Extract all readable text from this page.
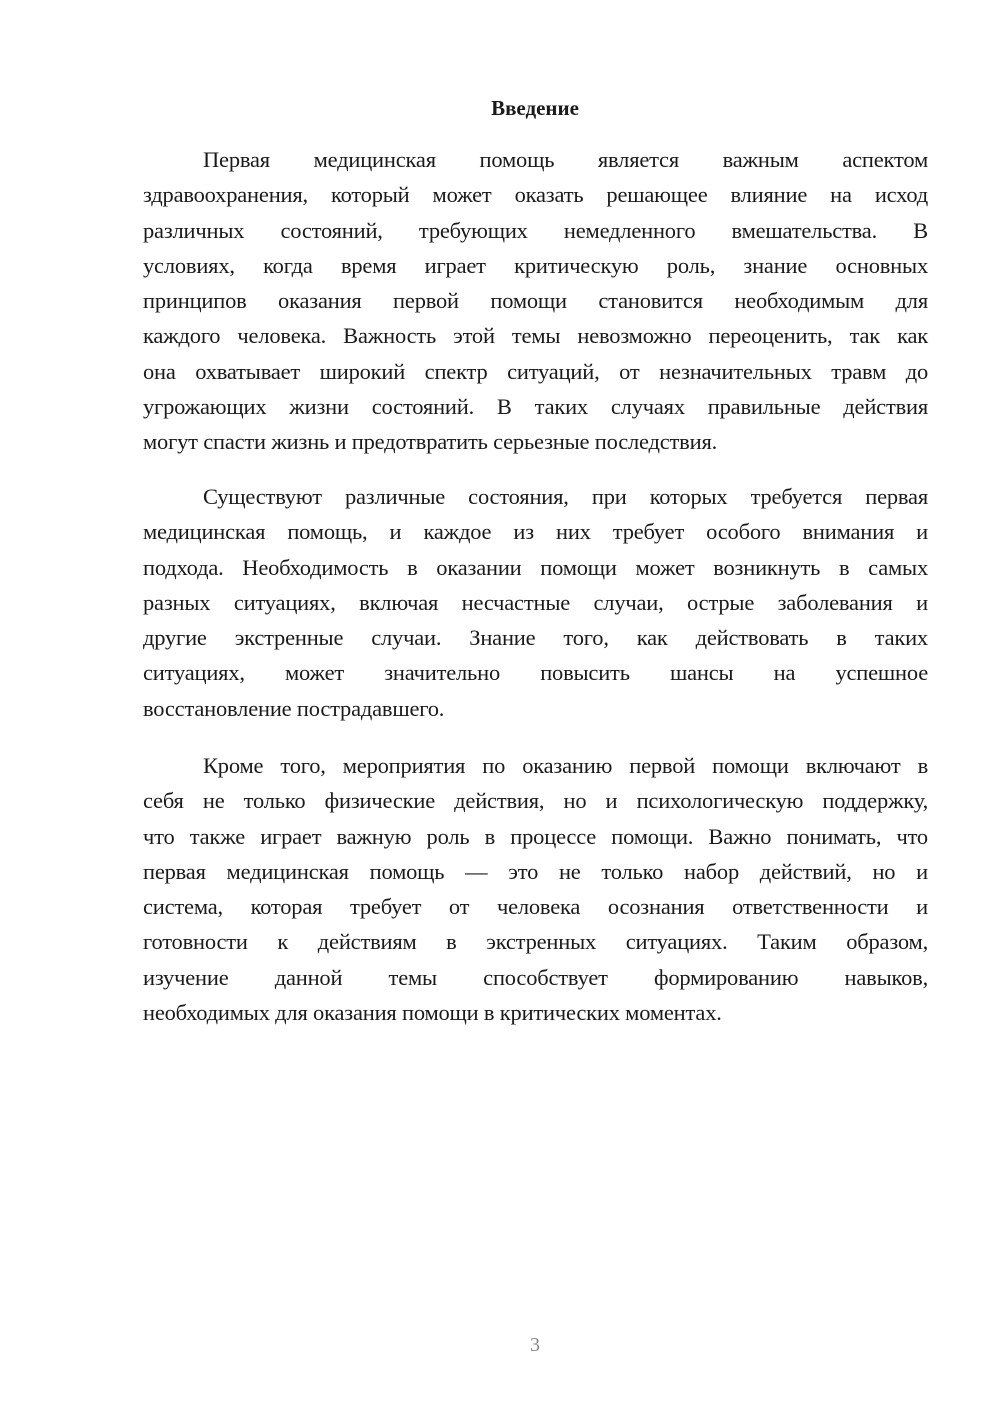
Введение
Первая медицинская помощь является важным аспектом
здравоохранения, который может оказать решающее влияние на исход
различных состояний, требующих немедленного вмешательства. В
условиях, когда время играет критическую роль, знание основных
принципов оказания первой помощи становится необходимым для
каждого человека. Важность этой темы невозможно переоценить, так как
она охватывает широкий спектр ситуаций, от незначительных травм до
угрожающих жизни состояний. В таких случаях правильные действия
могут спасти жизнь и предотвратить серьезные последствия.
Существуют различные состояния, при которых требуется первая
медицинская помощь, и каждое из них требует особого внимания и
подхода. Необходимость в оказании помощи может возникнуть в самых
разных ситуациях, включая несчастные случаи, острые заболевания и
другие экстренные случаи. Знание того, как действовать в таких
ситуациях, может значительно повысить шансы на успешное
восстановление пострадавшего.
Кроме того, мероприятия по оказанию первой помощи включают в
себя не только физические действия, но и психологическую поддержку,
что также играет важную роль в процессе помощи. Важно понимать, что
первая медицинская помощь — это не только набор действий, но и
система, которая требует от человека осознания ответственности и
готовности к действиям в экстренных ситуациях. Таким образом,
изучение данной темы способствует формированию навыков,
необходимых для оказания помощи в критических моментах.
3
